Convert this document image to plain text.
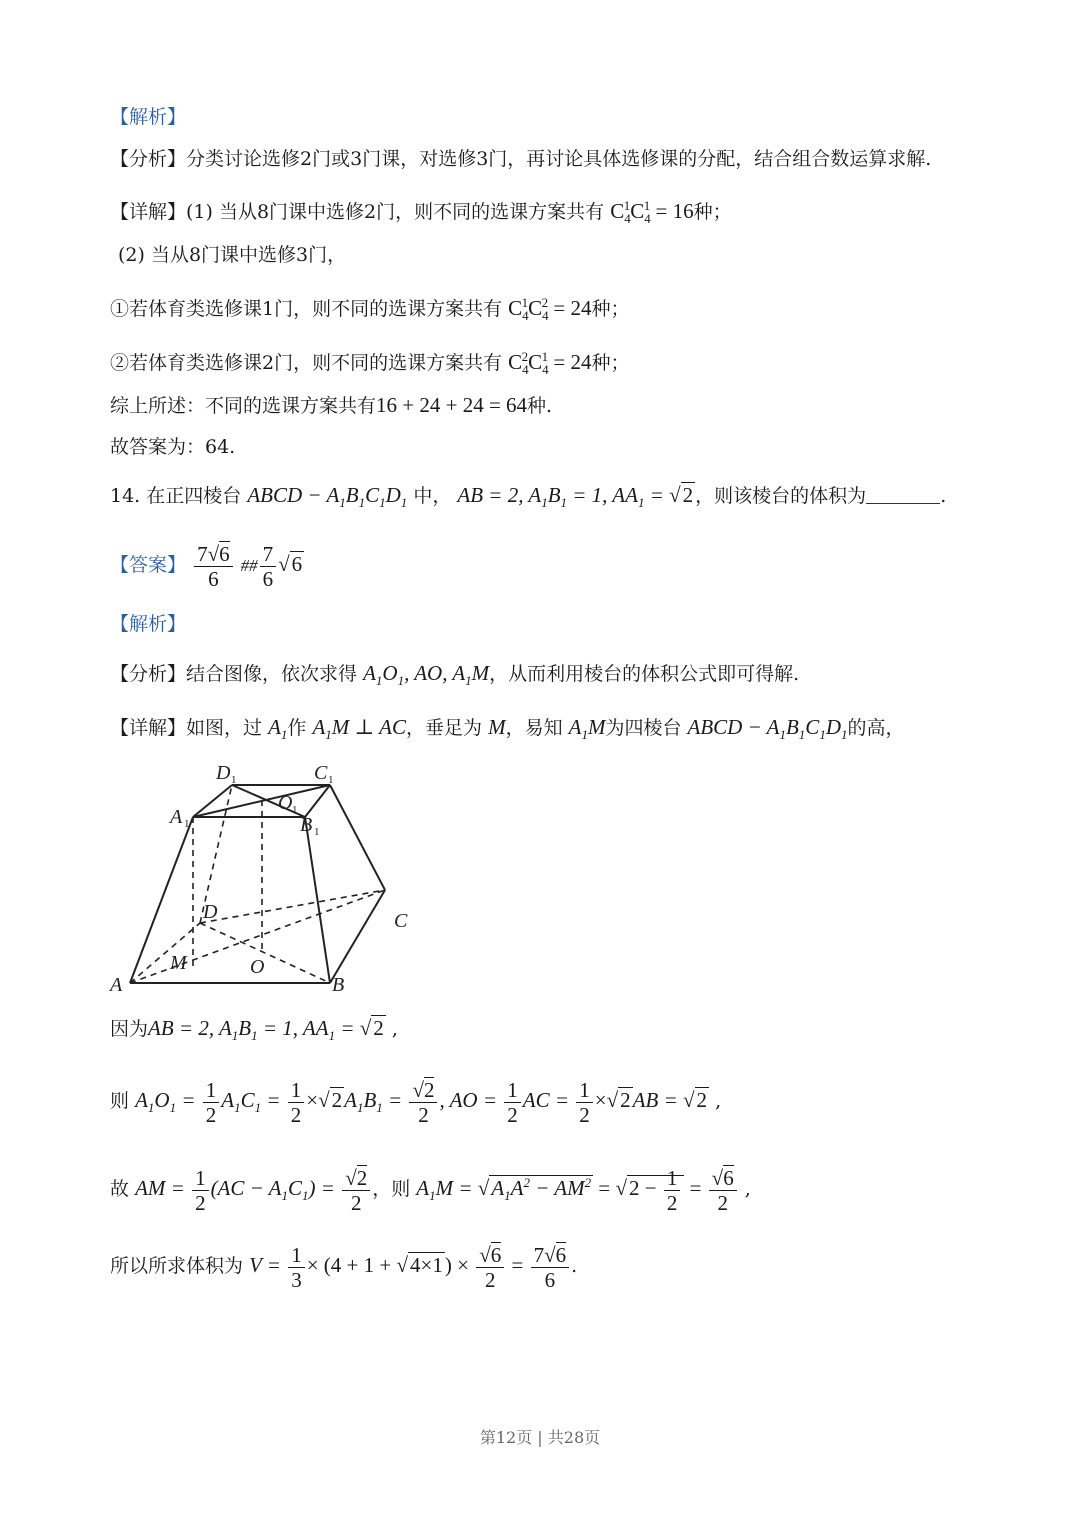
【解析】
【分析】分类讨论选修2门或3门课，对选修3门，再讨论具体选修课的分配，结合组合数运算求解.
【详解】(1) 当从8门课中选修2门，则不同的选课方案共有 $C_4^1C_4^1 = 16$种；
(2) 当从8门课中选修3门，
①若体育类选修课1门，则不同的选课方案共有 $C_4^1C_4^2 = 24$种；
②若体育类选修课2门，则不同的选课方案共有 $C_4^2C_4^1 = 24$种；
综上所述：不同的选课方案共有16 + 24 + 24 = 64种.
故答案为：64.
14. 在正四棱台 ABCD − $A_1B_1C_1D_1$ 中， AB = 2, $A_1B_1 = 1$, $AA_1 = √2$ ，则该棱台的体积为	.
【答案】 $\frac{7√6}{6}$ ## $\frac{7}{6} √6$
【解析】
【分析】结合图像，依次求得 $A_1O_1$, AO, $A_1M$，从而利用棱台的体积公式即可得解.
【详解】如图，过 $A_1$作 $A_1M$ ⊥ AC，垂足为 M，易知 $A_1M$为四棱台 ABCD − $A_1B_1C_1D_1$的高，
A	B
C
D
M	O
A	B
C
D
O
1
1
1
1
1
因为AB = 2, $A_1B_1 = 1$, $AA_1 = √2$ ,
则 $A_1O_1 = \frac{1}{2} A_1C_1 = \frac{1}{2} \times√2A_1B_1 = \frac{√2}{2}$ , AO = $\frac{1}{2}$ AC = $\frac{1}{2} \times√2AB = √2$ ,
故 AM = $\frac{1}{2} (AC - A_1C_1) = \frac{√2}{2}$ ，则 $A_1M = √A_1A^2 - AM^2 = √2 - \frac{1}{2} = \frac{√6}{2}$ ,
所以所求体积为 $V = \frac{1}{3} \times (4 + 1 + √4\times 1) \times \frac{√6}{2} = \frac{7√6}{6}$ .
第12页 | 共28页
